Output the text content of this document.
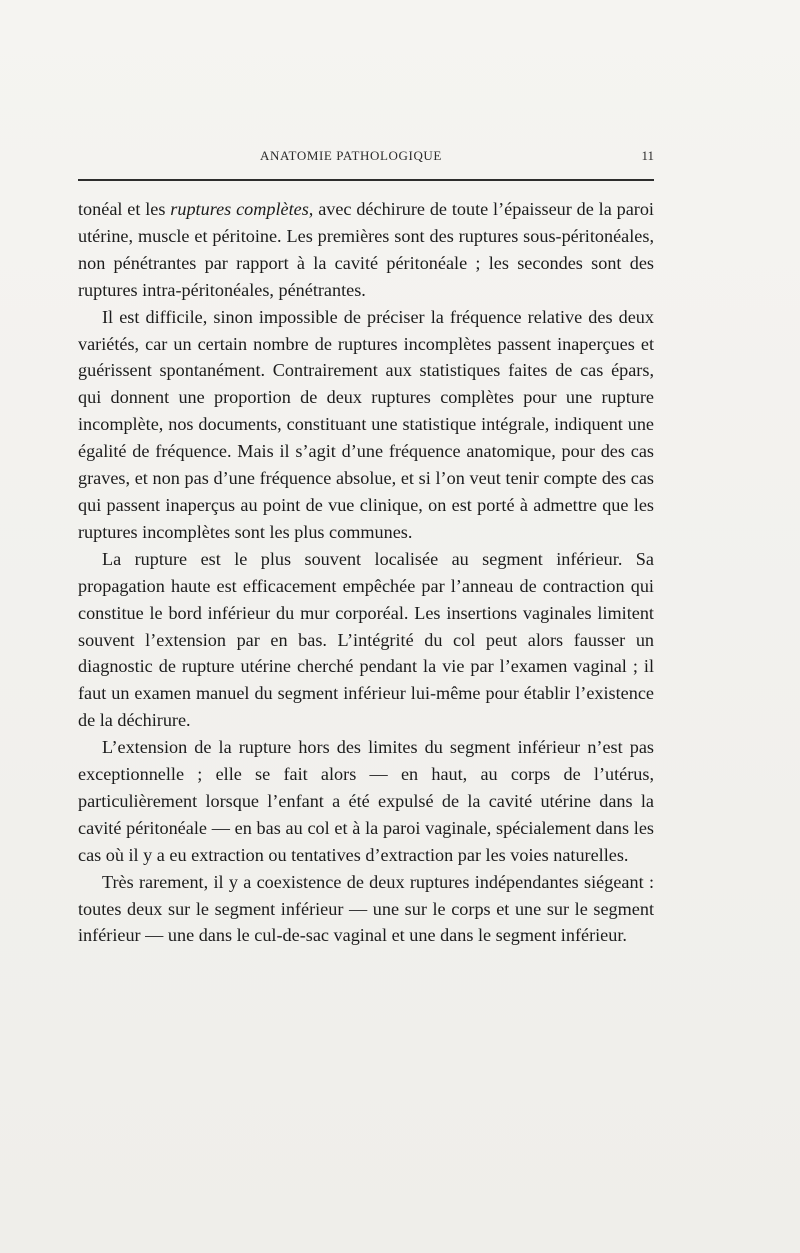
ANATOMIE PATHOLOGIQUE	11

tonéal et les ruptures complètes, avec déchirure de toute l’épaisseur de la paroi utérine, muscle et péritoine. Les premières sont des ruptures sous-péritonéales, non pénétrantes par rapport à la cavité péritonéale ; les secondes sont des ruptures intra-péritonéales, pénétrantes.

Il est difficile, sinon impossible de préciser la fréquence relative des deux variétés, car un certain nombre de ruptures incomplètes passent inaperçues et guérissent spontanément. Contrairement aux statistiques faites de cas épars, qui donnent une proportion de deux ruptures complètes pour une rupture incomplète, nos documents, constituant une statistique intégrale, indiquent une égalité de fréquence. Mais il s’agit d’une fréquence anatomique, pour des cas graves, et non pas d’une fréquence absolue, et si l’on veut tenir compte des cas qui passent inaperçus au point de vue clinique, on est porté à admettre que les ruptures incomplètes sont les plus communes.

La rupture est le plus souvent localisée au segment inférieur. Sa propagation haute est efficacement empêchée par l’anneau de contraction qui constitue le bord inférieur du mur corporéal. Les insertions vaginales limitent souvent l’extension par en bas. L’intégrité du col peut alors fausser un diagnostic de rupture utérine cherché pendant la vie par l’examen vaginal ; il faut un examen manuel du segment inférieur lui-même pour établir l’existence de la déchirure.

L’extension de la rupture hors des limites du segment inférieur n’est pas exceptionnelle ; elle se fait alors — en haut, au corps de l’utérus, particulièrement lorsque l’enfant a été expulsé de la cavité utérine dans la cavité péritonéale — en bas au col et à la paroi vaginale, spécialement dans les cas où il y a eu extraction ou tentatives d’extraction par les voies naturelles.

Très rarement, il y a coexistence de deux ruptures indépendantes siégeant : toutes deux sur le segment inférieur — une sur le corps et une sur le segment inférieur — une dans le cul-de-sac vaginal et une dans le segment inférieur.
